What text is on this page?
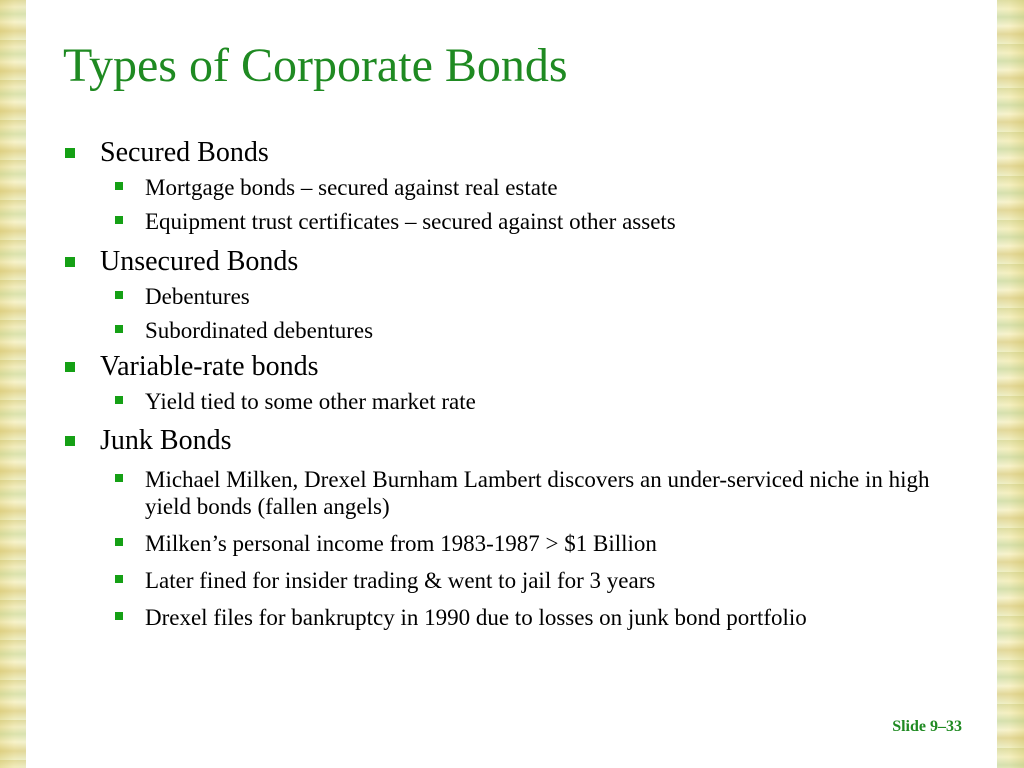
Types of Corporate Bonds
Secured Bonds
Mortgage bonds – secured against real estate
Equipment trust certificates – secured against other assets
Unsecured Bonds
Debentures
Subordinated debentures
Variable-rate bonds
Yield tied to some other market rate
Junk Bonds
Michael Milken, Drexel Burnham Lambert discovers an under-serviced niche in high yield bonds (fallen angels)
Milken’s personal income from 1983-1987 > $1 Billion
Later fined for insider trading & went to jail for 3 years
Drexel files for bankruptcy in 1990 due to losses on junk bond portfolio
Slide 9–33
